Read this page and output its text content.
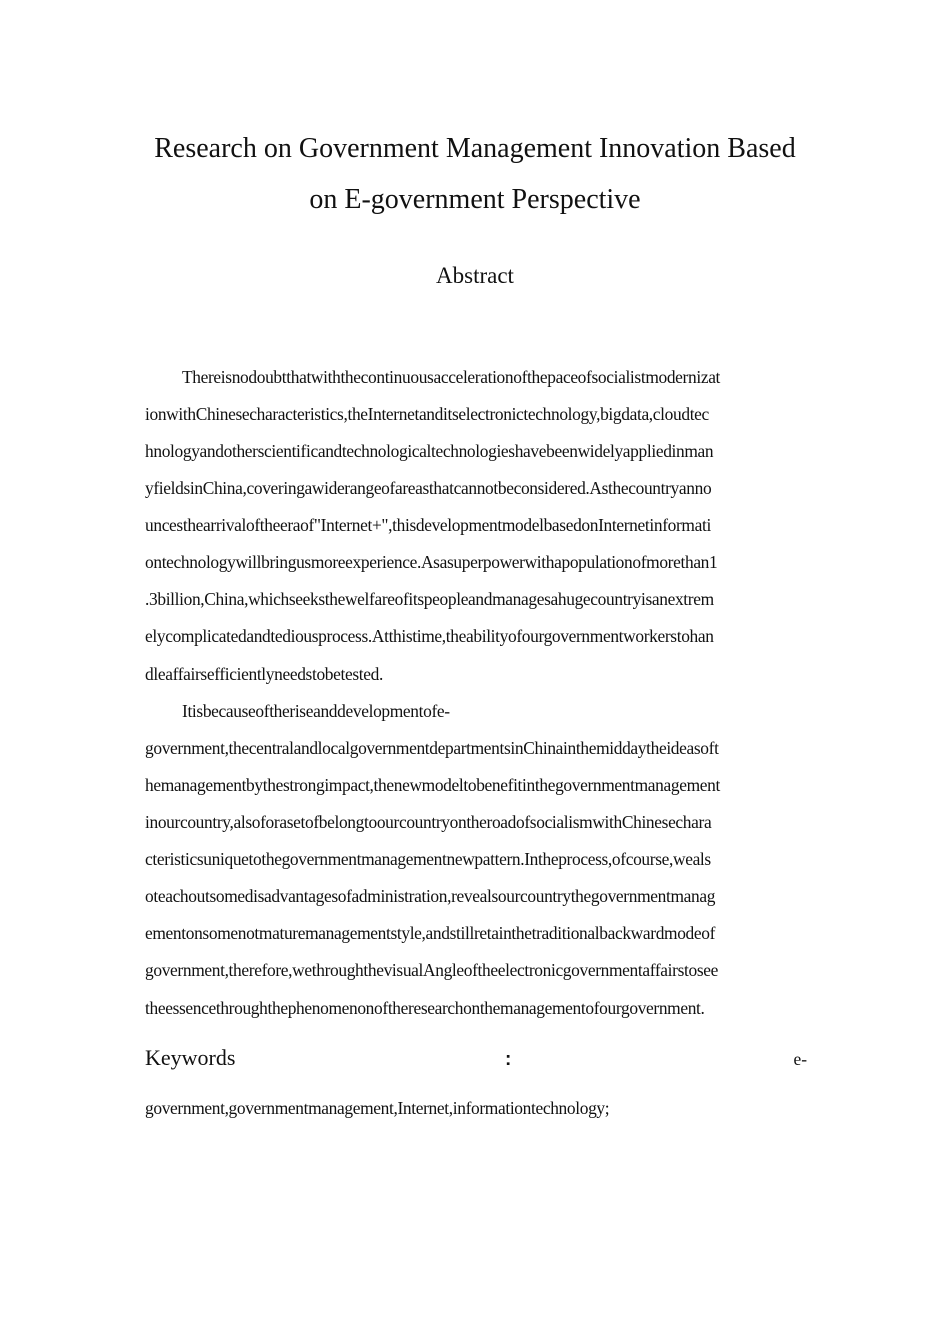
Research on Government Management Innovation Based
on E-government Perspective
Abstract
Thereisnodoubtthatwiththecontinuousaccelerationofthepaceofsocialistmodernizat
ionwithChinesecharacteristics,theInternetanditselectronictechnology,bigdata,cloudtec
hnologyandotherscientificandtechnologicaltechnologieshavebeenwidelyappliedinman
yfieldsinChina,coveringawiderangeofareasthatcannotbeconsidered.Asthecountryanno
uncesthearrivaloftheeraof"Internet+",thisdevelopmentmodelbasedonInternetinformati
ontechnologywillbringusmoreexperience.Asasuperpowerwithapopulationofmorethan1
.3billion,China,whichseeksthewelfareofitspeopleandmanagesahugecountryisanextrem
elycomplicatedandtediousprocess.Atthistime,theabilityofourgovernmentworkerstohan
dleaffairsefficientlyneedstobetested.
Itisbecauseoftheriseanddevelopmentofe-
government,thecentralandlocalgovernmentdepartmentsinChinainthemiddaytheideasoft
hemanagementbythestrongimpact,thenewmodeltobenefitinthegovernmentmanagement
inourcountry,alsoforasetofbelongtoourcountryontheroadofsocialismwithChinesechara
cteristicsuniquetothegovernmentmanagementnewpattern.Intheprocess,ofcourse,weals
oteachoutsomedisadvantagesofadministration,revealsourcountrythegovernmentmanag
ementonsomenotmaturemanagementstyle,andstillretainthetraditionalbackwardmodeof
government,therefore,wethroughthevisualAngleoftheelectronicgovernmentaffairstosee
theessencethroughthephenomenonoftheresearchonthemanagementofourgovernment.
Keywords	:	e-
government,governmentmanagement,Internet,informationtechnology;
